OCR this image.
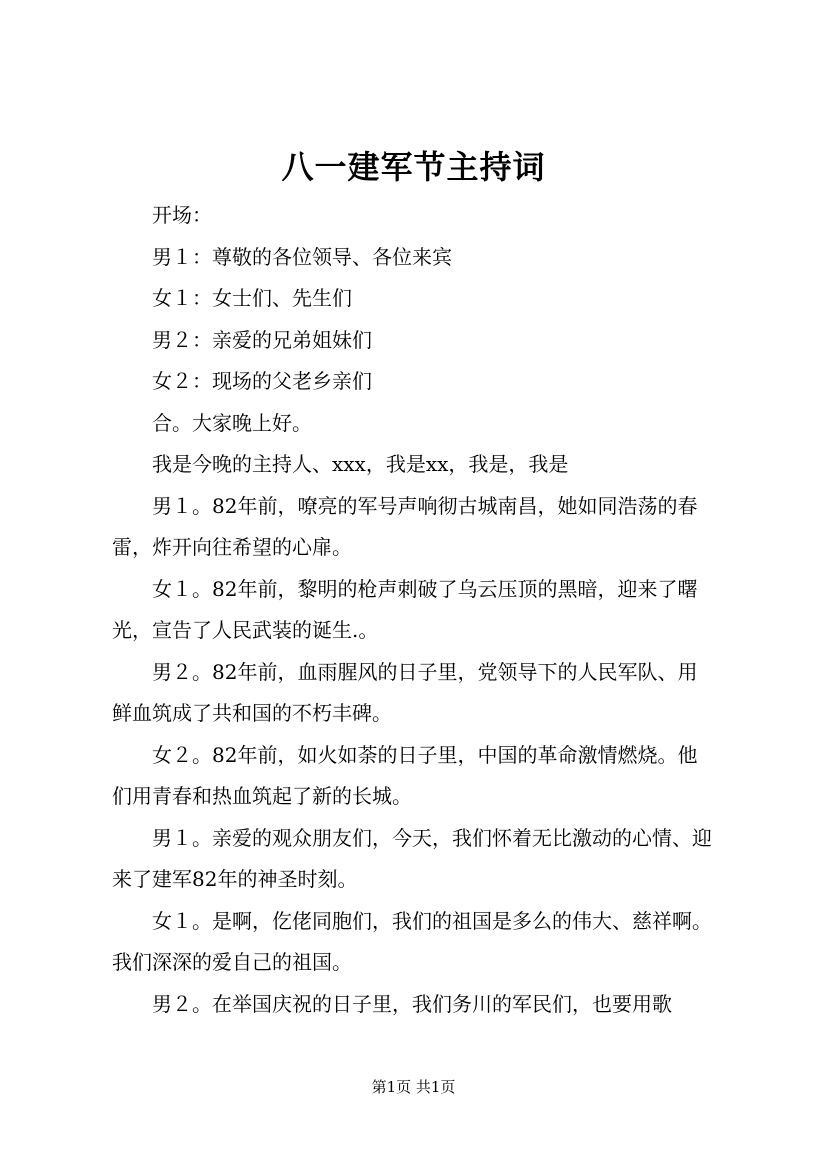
八一建军节主持词

开场：

男１：尊敬的各位领导、各位来宾

女１：女士们、先生们

男２：亲爱的兄弟姐妹们

女２：现场的父老乡亲们

合。大家晚上好。

我是今晚的主持人、xxx，我是xx，我是，我是

男１。82年前，嘹亮的军号声响彻古城南昌，她如同浩荡的春雷，炸开向往希望的心扉。

女１。82年前，黎明的枪声刺破了乌云压顶的黑暗，迎来了曙光，宣告了人民武装的诞生.。

男２。82年前，血雨腥风的日子里，党领导下的人民军队、用鲜血筑成了共和国的不朽丰碑。

女２。82年前，如火如荼的日子里，中国的革命激情燃烧。他们用青春和热血筑起了新的长城。

男１。亲爱的观众朋友们，今天，我们怀着无比激动的心情、迎来了建军82年的神圣时刻。

女１。是啊，仡佬同胞们，我们的祖国是多么的伟大、慈祥啊。我们深深的爱自己的祖国。

男２。在举国庆祝的日子里，我们务川的军民们，也要用歌

第1页 共1页
